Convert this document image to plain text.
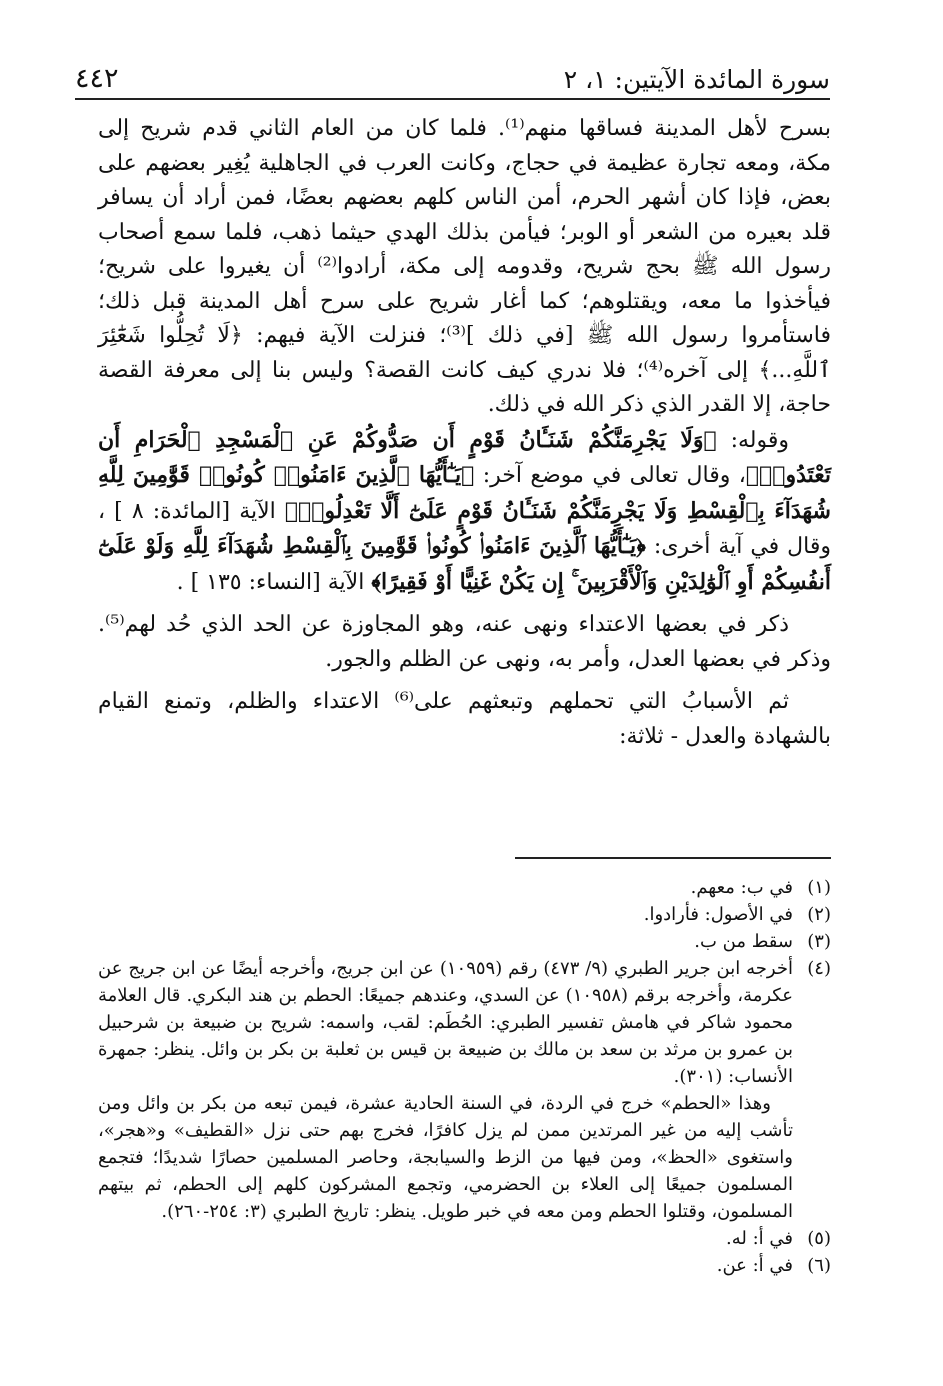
سورة المائدة الآيتين: ١، ٢
٤٤٢

بسرح لأهل المدينة فساقها منهم⁽¹⁾. فلما كان من العام الثاني قدم شريح إلى مكة، ومعه تجارة عظيمة في حجاج، وكانت العرب في الجاهلية يُغِير بعضهم على بعض، فإذا كان أشهر الحرم، أمن الناس كلهم بعضهم بعضًا، فمن أراد أن يسافر قلد بعيره من الشعر أو الوبر؛ فيأمن بذلك الهدي حيثما ذهب، فلما سمع أصحاب رسول الله ﷺ بحج شريح، وقدومه إلى مكة، أرادوا⁽²⁾ أن يغيروا على شريح؛ فيأخذوا ما معه، ويقتلوهم؛ كما أغار شريح على سرح أهل المدينة قبل ذلك؛ فاستأمروا رسول الله ﷺ [في ذلك ]⁽³⁾؛ فنزلت الآية فيهم: ﴿لَا تُحِلُّوا شَعَٰٓئِرَ ٱللَّهِ...﴾ إلى آخره⁽⁴⁾؛ فلا ندري كيف كانت القصة؟ وليس بنا إلى معرفة القصة حاجة، إلا القدر الذي ذكر الله في ذلك.

وقوله: ﴿وَلَا يَجْرِمَنَّكُمْ شَنَـَٔانُ قَوْمٍ أَن صَدُّوكُمْ عَنِ ٱلْمَسْجِدِ ٱلْحَرَامِ أَن تَعْتَدُوا۟﴾، وقال تعالى في موضع آخر: ﴿يَـٰٓأَيُّهَا ٱلَّذِينَ ءَامَنُوا۟ كُونُوا۟ قَوَّٰمِينَ لِلَّهِ شُهَدَآءَ بِٱلْقِسْطِ وَلَا يَجْرِمَنَّكُمْ شَنَـَٔانُ قَوْمٍ عَلَىٰٓ أَلَّا تَعْدِلُوا۟﴾ الآية [المائدة: ٨ ] ، وقال في آية أخرى: ﴿يَـٰٓأَيُّهَا ٱلَّذِينَ ءَامَنُوا۟ كُونُوا۟ قَوَّٰمِينَ بِٱلْقِسْطِ شُهَدَآءَ لِلَّهِ وَلَوْ عَلَىٰٓ أَنفُسِكُمْ أَوِ ٱلْوَٰلِدَيْنِ وَٱلْأَقْرَبِينَ ۚ إِن يَكُنْ غَنِيًّا أَوْ فَقِيرًا﴾ الآية [النساء: ١٣٥ ] .

ذكر في بعضها الاعتداء ونهى عنه، وهو المجاوزة عن الحد الذي حُد لهم⁽⁵⁾. وذكر في بعضها العدل، وأمر به، ونهى عن الظلم والجور.

ثم الأسبابُ التي تحملهم وتبعثهم على⁽⁶⁾ الاعتداء والظلم، وتمنع القيام بالشهادة والعدل - ثلاثة:

(١)
في ب: معهم.
(٢)
في الأصول: فأرادوا.
(٣)
سقط من ب.
(٤)
أخرجه ابن جرير الطبري (٩/ ٤٧٣) رقم (١٠٩٥٩) عن ابن جريج، وأخرجه أيضًا عن ابن جريج عن عكرمة، وأخرجه برقم (١٠٩٥٨) عن السدي، وعندهم جميعًا: الحطم بن هند البكري. قال العلامة محمود شاكر في هامش تفسير الطبري: الحُطَم: لقب، واسمه: شريح بن ضبيعة بن شرحبيل بن عمرو بن مرثد بن سعد بن مالك بن ضبيعة بن قيس بن ثعلبة بن بكر بن وائل. ينظر: جمهرة الأنساب: (٣٠١).

وهذا «الحطم» خرج في الردة، في السنة الحادية عشرة، فيمن تبعه من بكر بن وائل ومن تأشب إليه من غير المرتدين ممن لم يزل كافرًا، فخرج بهم حتى نزل «القطيف» و«هجر»، واستغوى «الحظ»، ومن فيها من الزط والسيابجة، وحاصر المسلمين حصارًا شديدًا؛ فتجمع المسلمون جميعًا إلى العلاء بن الحضرمي، وتجمع المشركون كلهم إلى الحطم، ثم بيتهم المسلمون، وقتلوا الحطم ومن معه في خبر طويل. ينظر: تاريخ الطبري (٣: ٢٥٤-٢٦٠).

(٥)
في أ: له.
(٦)
في أ: عن.
